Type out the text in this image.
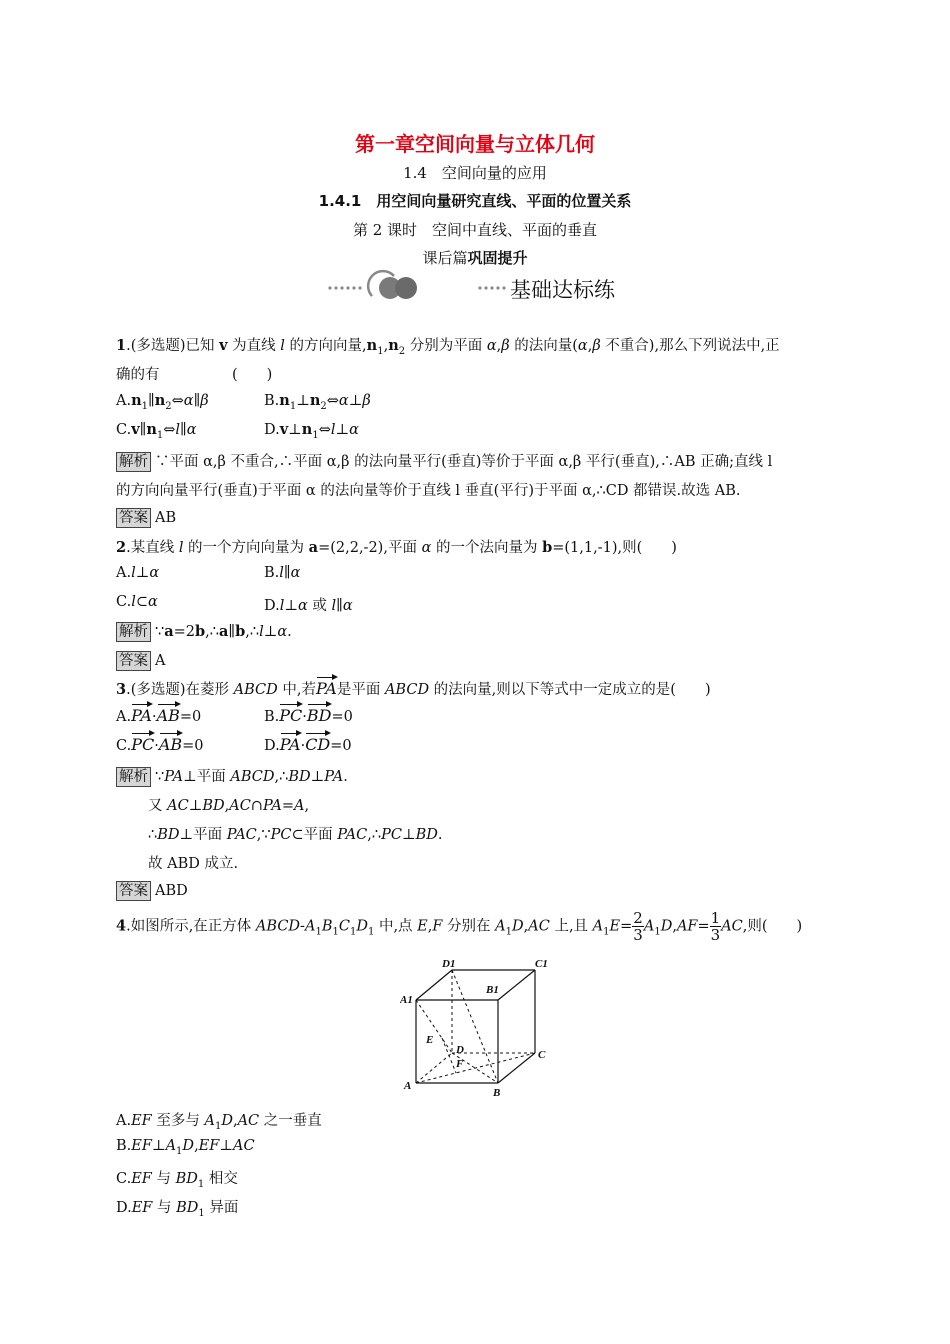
第一章空间向量与立体几何
1.4　空间向量的应用
1.4.1　用空间向量研究直线、平面的位置关系
第 2 课时　空间中直线、平面的垂直
课后篇巩固提升
基础达标练
1.(多选题)已知 v 为直线 l 的方向向量$,n_1,n_2$ 分别为平面 α,β 的法向量(α,β 不重合),那么下列说法中,正
确的有　　　　　(　　)
$A.n_1\parallel n_2\Leftrightarrow\alpha\parallel\beta$	$B.n_1\perp n_2\Leftrightarrow\alpha\perp\beta$
$C.v\parallel n_1\Leftrightarrow l\parallel\alpha$	$D.v\perp n_1\Leftrightarrow l\perp\alpha$
解析 ∵平面 α,β 不重合,∴平面 α,β 的法向量平行(垂直)等价于平面 α,β 平行(垂直),∴AB 正确;直线 l
的方向向量平行(垂直)于平面 α 的法向量等价于直线 l 垂直(平行)于平面 α,∴CD 都错误.故选 AB.
答案 AB
2.某直线 l 的一个方向向量为 a=(2,2,-2),平面 α 的一个法向量为 b=(1,1,-1),则(　　)
A.l⊥α	B.l∥α
C.l⊂α	D.l⊥α 或 l∥α
解析 ∵a=2b,∴a∥b,∴l⊥α.
答案 A
3.(多选题)在菱形 ABCD 中,若PA是平面 ABCD 的法向量,则以下等式中一定成立的是(　　)
A.PA·AB=0	B.PC·BD=0
C.PC·AB=0	D.PA·CD=0
解析 ∵PA⊥平面 ABCD,∴BD⊥PA.
又 AC⊥BD,AC∩PA=A,
∴BD⊥平面 PAC,∵PC⊂平面 PAC,∴PC⊥BD.
故 ABD 成立.
答案 ABD
4.如图所示,在正方体 ABCD-$A_1B_1C_1D_1$ 中,点 E,F 分别在 $A_1D,AC$ 上,且 $A_1E= \frac{2}{3} A_1D,AF= \frac{1}{3}$ AC,则(　　)
D1	C1
A1
B1
E
D
F
C
A
B
A.EF 至多与 $A_1D,AC$ 之一垂直
$B.EF\perp A_1D,EF\perp AC$
C.EF 与 $BD_1$ 相交
D.EF 与 $BD_1$ 异面
